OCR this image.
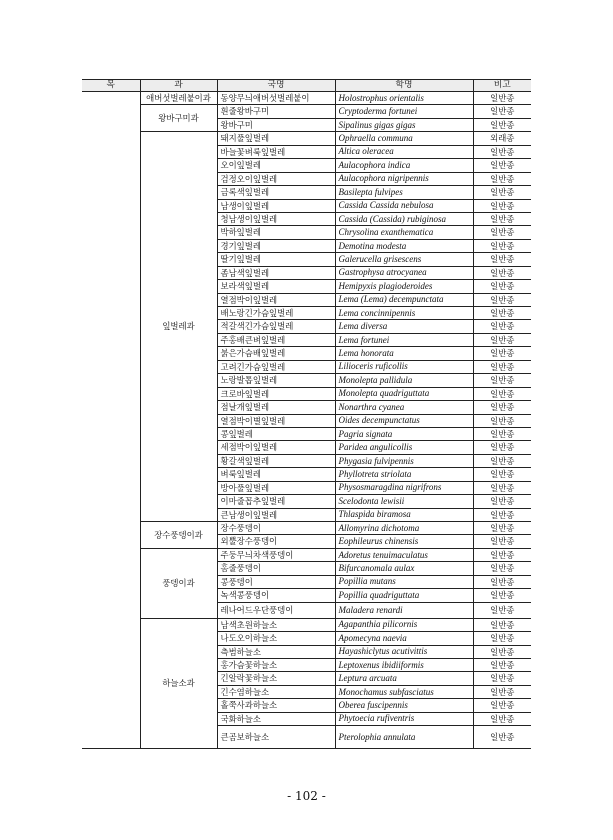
목	과	국명	학명	비고
	애버섯벌레붙이과	동양무늬애버섯벌레붙이	Holostrophus orientalis	일반종
	왕바구미과	흰줄왕바구미	Cryptoderma fortunei	일반종
		왕바구미	Sipalinus gigas gigas	일반종
	잎벌레과	돼지풀잎벌레	Ophraella communa	외래종
		바늘꽃벼룩잎벌레	Altica oleracea	일반종
		오이잎벌레	Aulacophora indica	일반종
		검정오이잎벌레	Aulacophora nigripennis	일반종
		금록색잎벌레	Basilepta fulvipes	일반종
		남생이잎벌레	Cassida Cassida nebulosa	일반종
		청남생이잎벌레	Cassida (Cassida) rubiginosa	일반종
		박하잎벌레	Chrysolina exanthematica	일반종
		경기잎벌레	Demotina modesta	일반종
		딸기잎벌레	Galerucella grisescens	일반종
		좀남색잎벌레	Gastrophysa atrocyanea	일반종
		보라색잎벌레	Hemipyxis plagioderoides	일반종
		열점박이잎벌레	Lema (Lema) decempunctata	일반종
		배노랑긴가슴잎벌레	Lema concinnipennis	일반종
		적갈색긴가슴잎벌레	Lema diversa	일반종
		주홍배큰벼잎벌레	Lema fortunei	일반종
		붉은가슴배잎벌레	Lema honorata	일반종
		고려긴가슴잎벌레	Lilioceris ruficollis	일반종
		노랑발톱잎벌레	Monolepta pallidula	일반종
		크로바잎벌레	Monolepta quadriguttata	일반종
		점날개잎벌레	Nonarthra cyanea	일반종
		열점박이별잎벌레	Oides decempunctatus	일반종
		콩잎벌레	Pagria signata	일반종
		세점박이잎벌레	Paridea angulicollis	일반종
		황갈색잎벌레	Phygasia fulvipennis	일반종
		벼룩잎벌레	Phyllotreta striolata	일반종
		방아풀잎벌레	Physosmaragdina nigrifrons	일반종
		이마줄꼽추잎벌레	Scelodonta lewisii	일반종
		큰남생이잎벌레	Thlaspida biramosa	일반종
	장수풍뎅이과	장수풍뎅이	Allomyrina dichotoma	일반종
		외뿔장수풍뎅이	Eophileurus chinensis	일반종
	풍뎅이과	주둥무늬차색풍뎅이	Adoretus tenuimaculatus	일반종
		홈줄풍뎅이	Bifurcanomala aulax	일반종
		콩풍뎅이	Popillia mutans	일반종
		녹색콩풍뎅이	Popillia quadriguttata	일반종
		레나어드우단풍뎅이	Maladera renardi	일반종
	하늘소과	남색초원하늘소	Agapanthia pilicornis	일반종
		나도오이하늘소	Apomecyna naevia	일반종
		측범하늘소	Hayashiclytus acutivittis	일반종
		홍가슴꽃하늘소	Leptoxenus ibidiiformis	일반종
		긴알락꽃하늘소	Leptura arcuata	일반종
		긴수염하늘소	Monochamus subfasciatus	일반종
		홀쭉사과하늘소	Oberea fuscipennis	일반종
		국화하늘소	Phytoecia rufiventris	일반종
		큰곰보하늘소	Pterolophia annulata	일반종
- 102 -
